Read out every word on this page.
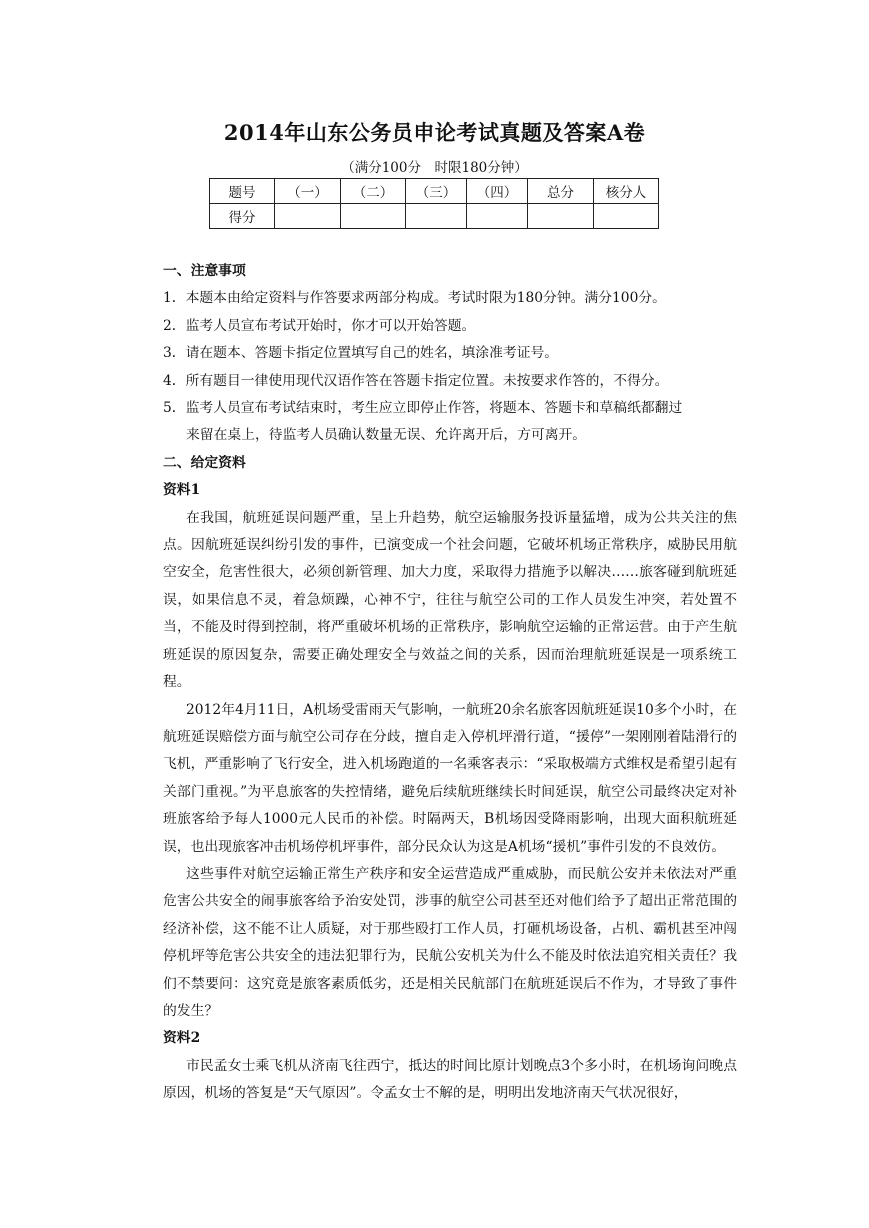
2014年山东公务员申论考试真题及答案A卷
（满分100分　时限180分钟）
题号	（一）	（二）	（三）	（四）	总分	核分人
得分						

一、注意事项

1．本题本由给定资料与作答要求两部分构成。考试时限为180分钟。满分100分。

2．监考人员宣布考试开始时，你才可以开始答题。

3．请在题本、答题卡指定位置填写自己的姓名，填涂准考证号。

4．所有题目一律使用现代汉语作答在答题卡指定位置。未按要求作答的，不得分。

5．监考人员宣布考试结束时，考生应立即停止作答，将题本、答题卡和草稿纸都翻过

来留在桌上，待监考人员确认数量无误、允许离开后，方可离开。

二、给定资料

资料1

在我国，航班延误问题严重，呈上升趋势，航空运输服务投诉量猛增，成为公共关注的焦点。因航班延误纠纷引发的事件，已演变成一个社会问题，它破坏机场正常秩序，威胁民用航空安全，危害性很大，必须创新管理、加大力度，采取得力措施予以解决……旅客碰到航班延误，如果信息不灵，着急烦躁，心神不宁，往往与航空公司的工作人员发生冲突，若处置不当，不能及时得到控制，将严重破坏机场的正常秩序，影响航空运输的正常运营。由于产生航班延误的原因复杂，需要正确处理安全与效益之间的关系，因而治理航班延误是一项系统工程。

2012年4月11日，A机场受雷雨天气影响，一航班20余名旅客因航班延误10多个小时，在航班延误赔偿方面与航空公司存在分歧，擅自走入停机坪滑行道，“援停”一架刚刚着陆滑行的飞机，严重影响了飞行安全，进入机场跑道的一名乘客表示：“采取极端方式维权是希望引起有关部门重视。”为平息旅客的失控情绪，避免后续航班继续长时间延误，航空公司最终决定对补班旅客给予每人1000元人民币的补偿。时隔两天，B机场因受降雨影响，出现大面积航班延误，也出现旅客冲击机场停机坪事件，部分民众认为这是A机场“援机”事件引发的不良效仿。

这些事件对航空运输正常生产秩序和安全运营造成严重威胁，而民航公安并未依法对严重危害公共安全的闹事旅客给予治安处罚，涉事的航空公司甚至还对他们给予了超出正常范围的经济补偿，这不能不让人质疑，对于那些殴打工作人员，打砸机场设备，占机、霸机甚至冲闯停机坪等危害公共安全的违法犯罪行为，民航公安机关为什么不能及时依法追究相关责任？我们不禁要问：这究竟是旅客素质低劣，还是相关民航部门在航班延误后不作为，才导致了事件的发生？

资料2

市民孟女士乘飞机从济南飞往西宁，抵达的时间比原计划晚点3个多小时，在机场询问晚点原因，机场的答复是“天气原因”。令孟女士不解的是，明明出发地济南天气状况很好，
